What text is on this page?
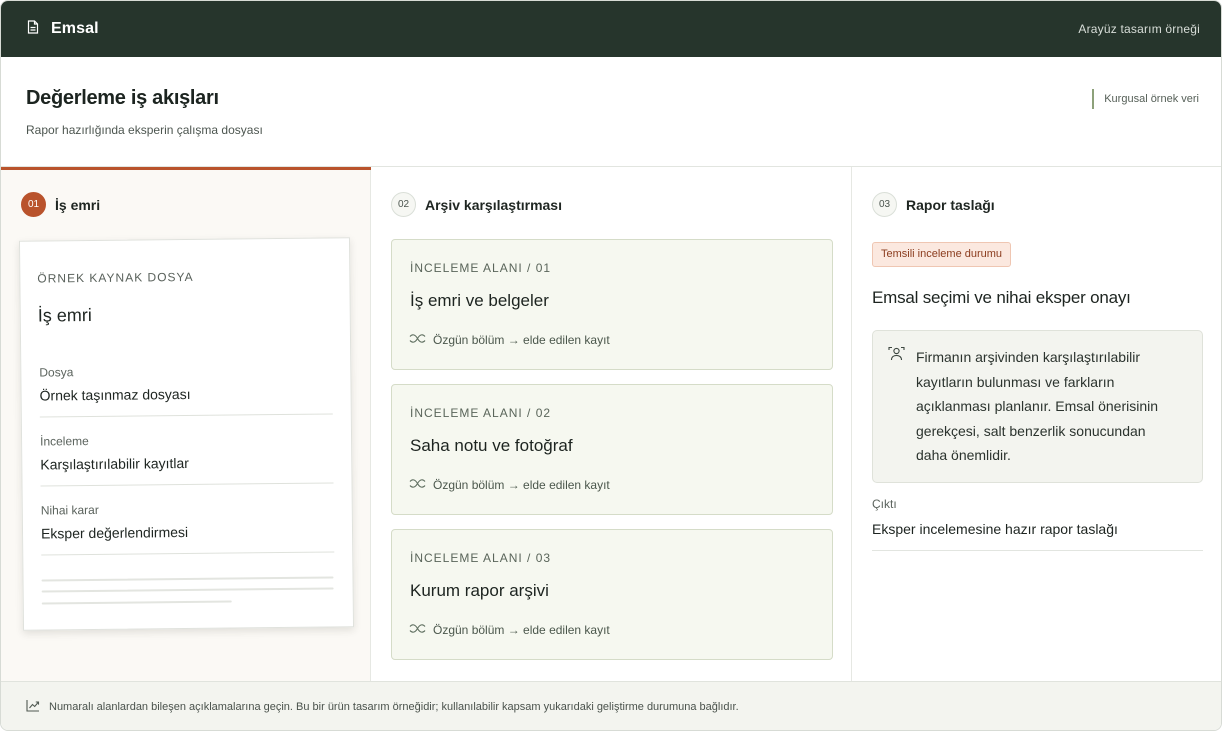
Emsal	Arayüz tasarım örneği
Değerleme iş akışları

Rapor hazırlığında eksperin çalışma dosyası

Kurgusal örnek veri
01	İş emri
ÖRNEK KAYNAK DOSYA
İş emri
Dosya
Örnek taşınmaz dosyası
İnceleme
Karşılaştırılabilir kayıtlar
Nihai karar
Eksper değerlendirmesi
02	Arşiv karşılaştırması
İNCELEME ALANI / 01
İş emri ve belgeler
Özgün bölüm → elde edilen kayıt
İNCELEME ALANI / 02
Saha notu ve fotoğraf
Özgün bölüm → elde edilen kayıt
İNCELEME ALANI / 03
Kurum rapor arşivi
Özgün bölüm → elde edilen kayıt
03	Rapor taslağı
Temsili inceleme durumu
Emsal seçimi ve nihai eksper onayı

Firmanın arşivinden karşılaştırılabilir kayıtların bulunması ve farkların açıklanması planlanır. Emsal önerisinin gerekçesi, salt benzerlik sonucundan daha önemlidir.

Çıktı
Eksper incelemesine hazır rapor taslağı
Numaralı alanlardan bileşen açıklamalarına geçin. Bu bir ürün tasarım örneğidir; kullanılabilir kapsam yukarıdaki geliştirme durumuna bağlıdır.
